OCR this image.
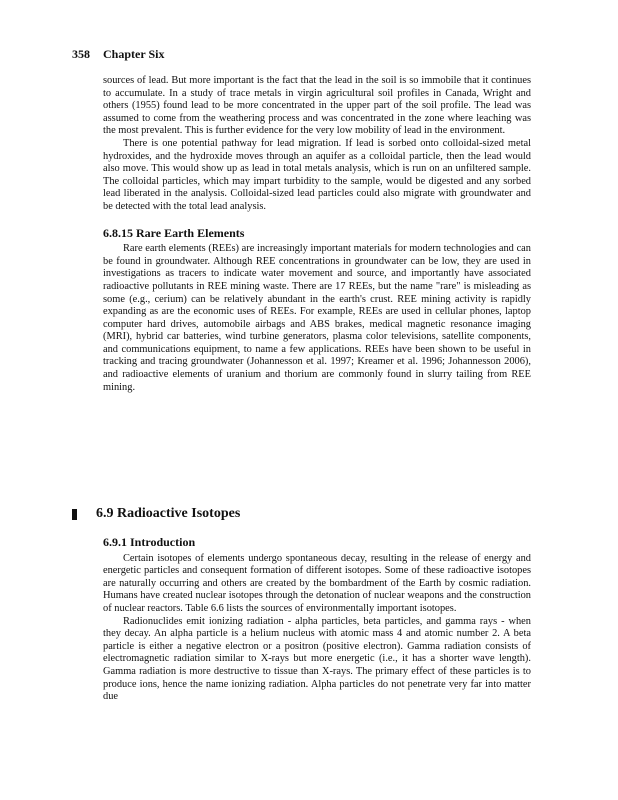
358 Chapter Six

sources of lead. But more important is the fact that the lead in the soil is so immobile that it continues to accumulate. In a study of trace metals in virgin agricultural soil profiles in Canada, Wright and others (1955) found lead to be more concentrated in the upper part of the soil profile. The lead was assumed to come from the weathering process and was concentrated in the zone where leaching was the most prevalent. This is further evidence for the very low mobility of lead in the environment.

There is one potential pathway for lead migration. If lead is sorbed onto colloidal-sized metal hydroxides, and the hydroxide moves through an aquifer as a colloidal particle, then the lead would also move. This would show up as lead in total metals analysis, which is run on an unfiltered sample. The colloidal particles, which may impart turbidity to the sample, would be digested and any sorbed lead liberated in the analysis. Colloidal-sized lead particles could also migrate with groundwater and be detected with the total lead analysis.

6.8.15 Rare Earth Elements

Rare earth elements (REEs) are increasingly important materials for modern technologies and can be found in groundwater. Although REE concentrations in groundwater can be low, they are used in investigations as tracers to indicate water movement and source, and importantly have associated radioactive pollutants in REE mining waste. There are 17 REEs, but the name "rare" is misleading as some (e.g., cerium) can be relatively abundant in the earth's crust. REE mining activity is rapidly expanding as are the economic uses of REEs. For example, REEs are used in cellular phones, laptop computer hard drives, automobile airbags and ABS brakes, medical magnetic resonance imaging (MRI), hybrid car batteries, wind turbine generators, plasma color televisions, satellite components, and communications equipment, to name a few applications. REEs have been shown to be useful in tracking and tracing groundwater (Johannesson et al. 1997; Kreamer et al. 1996; Johannesson 2006), and radioactive elements of uranium and thorium are commonly found in slurry tailing from REE mining.

6.9 Radioactive Isotopes
6.9.1 Introduction

Certain isotopes of elements undergo spontaneous decay, resulting in the release of energy and energetic particles and consequent formation of different isotopes. Some of these radioactive isotopes are naturally occurring and others are created by the bombardment of the Earth by cosmic radiation. Humans have created nuclear isotopes through the detonation of nuclear weapons and the construction of nuclear reactors. Table 6.6 lists the sources of environmentally important isotopes.

Radionuclides emit ionizing radiation - alpha particles, beta particles, and gamma rays - when they decay. An alpha particle is a helium nucleus with atomic mass 4 and atomic number 2. A beta particle is either a negative electron or a positron (positive electron). Gamma radiation consists of electromagnetic radiation similar to X-rays but more energetic (i.e., it has a shorter wave length). Gamma radiation is more destructive to tissue than X-rays. The primary effect of these particles is to produce ions, hence the name ionizing radiation. Alpha particles do not penetrate very far into matter due
